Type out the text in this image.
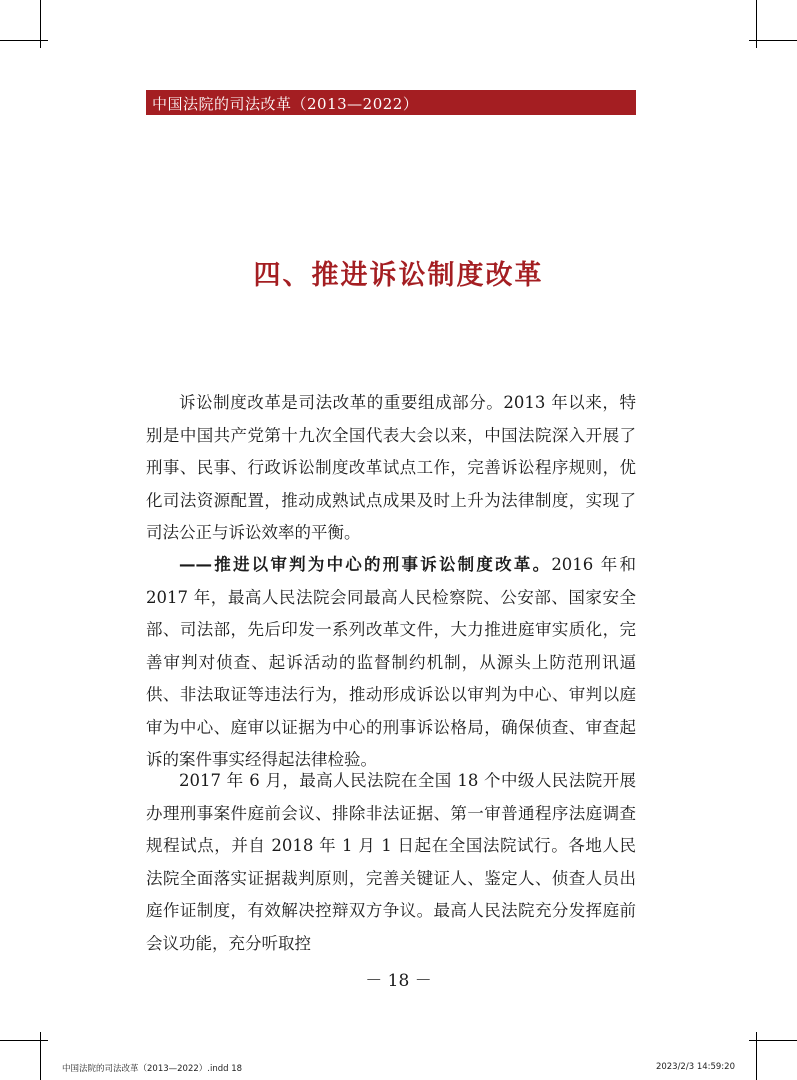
中国法院的司法改革（2013—2022）
四、推进诉讼制度改革

诉讼制度改革是司法改革的重要组成部分。2013 年以来，特别是中国共产党第十九次全国代表大会以来，中国法院深入开展了刑事、民事、行政诉讼制度改革试点工作，完善诉讼程序规则，优化司法资源配置，推动成熟试点成果及时上升为法律制度，实现了司法公正与诉讼效率的平衡。

——推进以审判为中心的刑事诉讼制度改革。2016 年和 2017 年，最高人民法院会同最高人民检察院、公安部、国家安全部、司法部，先后印发一系列改革文件，大力推进庭审实质化，完善审判对侦查、起诉活动的监督制约机制，从源头上防范刑讯逼供、非法取证等违法行为，推动形成诉讼以审判为中心、审判以庭审为中心、庭审以证据为中心的刑事诉讼格局，确保侦查、审查起诉的案件事实经得起法律检验。

2017 年 6 月，最高人民法院在全国 18 个中级人民法院开展办理刑事案件庭前会议、排除非法证据、第一审普通程序法庭调查规程试点，并自 2018 年 1 月 1 日起在全国法院试行。各地人民法院全面落实证据裁判原则，完善关键证人、鉴定人、侦查人员出庭作证制度，有效解决控辩双方争议。最高人民法院充分发挥庭前会议功能，充分听取控

－ 18 －
中国法院的司法改革（2013—2022）.indd 18	2023/2/3 14:59:20
